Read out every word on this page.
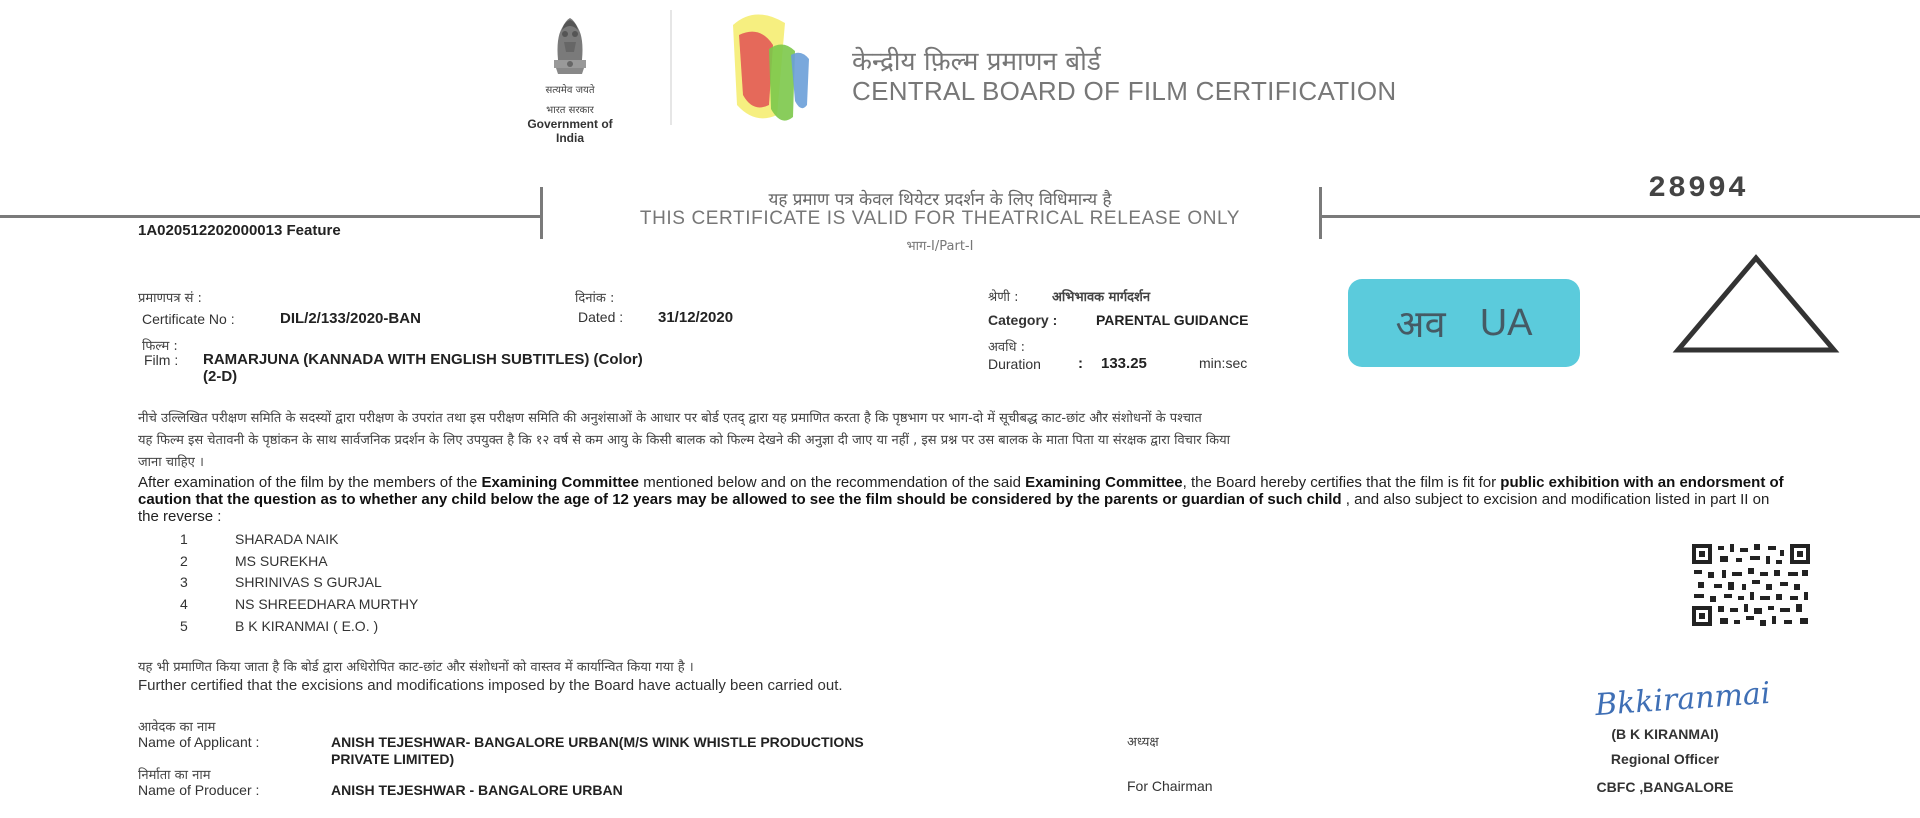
सत्यमेव जयते
भारत सरकार
Government of India
केन्द्रीय फ़िल्म प्रमाणन बोर्ड
CENTRAL BOARD OF FILM CERTIFICATION
यह प्रमाण पत्र केवल थियेटर प्रदर्शन के लिए विधिमान्य है
THIS CERTIFICATE IS VALID FOR THEATRICAL RELEASE ONLY
भाग-I/Part-I
28994
1A020512202000013 Feature
प्रमाणपत्र सं :
Certificate No :	DIL/2/133/2020-BAN
दिनांक :
Dated : 31/12/2020
श्रेणी :	अभिभावक मार्गदर्शन
Category :	PARENTAL GUIDANCE
फिल्म :
Film : RAMARJUNA (KANNADA WITH ENGLISH SUBTITLES) (Color)
(2-D)
अवधि :
Duration : 133.25	min:sec
अव UA
नीचे उल्लिखित परीक्षण समिति के सदस्यों द्वारा परीक्षण के उपरांत तथा इस परीक्षण समिति की अनुशंसाओं के आधार पर बोर्ड एतद् द्वारा यह प्रमाणित करता है कि पृष्ठभाग पर भाग-दो में सूचीबद्ध काट-छांट और संशोधनों के पश्चात
यह फिल्म इस चेतावनी के पृष्ठांकन के साथ सार्वजनिक प्रदर्शन के लिए उपयुक्त है कि १२ वर्ष से कम आयु के किसी बालक को फिल्म देखने की अनुज्ञा दी जाए या नहीं , इस प्रश्न पर उस बालक के माता पिता या संरक्षक द्वारा विचार किया
जाना चाहिए ।
After examination of the film by the members of the Examining Committee mentioned below and on the recommendation of the said Examining Committee, the Board hereby certifies that the film is fit for public exhibition with an endorsment of caution that the question as to whether any child below the age of 12 years may be allowed to see the film should be considered by the parents or guardian of such child , and also subject to excision and modification listed in part II on the reverse :
1	SHARADA NAIK
2	MS SUREKHA
3	SHRINIVAS S GURJAL
4	NS SHREEDHARA MURTHY
5	B K KIRANMAI ( E.O. )
यह भी प्रमाणित किया जाता है कि बोर्ड द्वारा अधिरोपित काट-छांट और संशोधनों को वास्तव में कार्यान्वित किया गया है ।
Further certified that the excisions and modifications imposed by the Board have actually been carried out.
आवेदक का नाम
Name of Applicant :	ANISH TEJESHWAR- BANGALORE URBAN(M/S WINK WHISTLE PRODUCTIONS
PRIVATE LIMITED)
निर्माता का नाम
Name of Producer :	ANISH TEJESHWAR - BANGALORE URBAN
अध्यक्ष
For Chairman
Bkkiranmai
(B K KIRANMAI)
Regional Officer
CBFC ,BANGALORE
